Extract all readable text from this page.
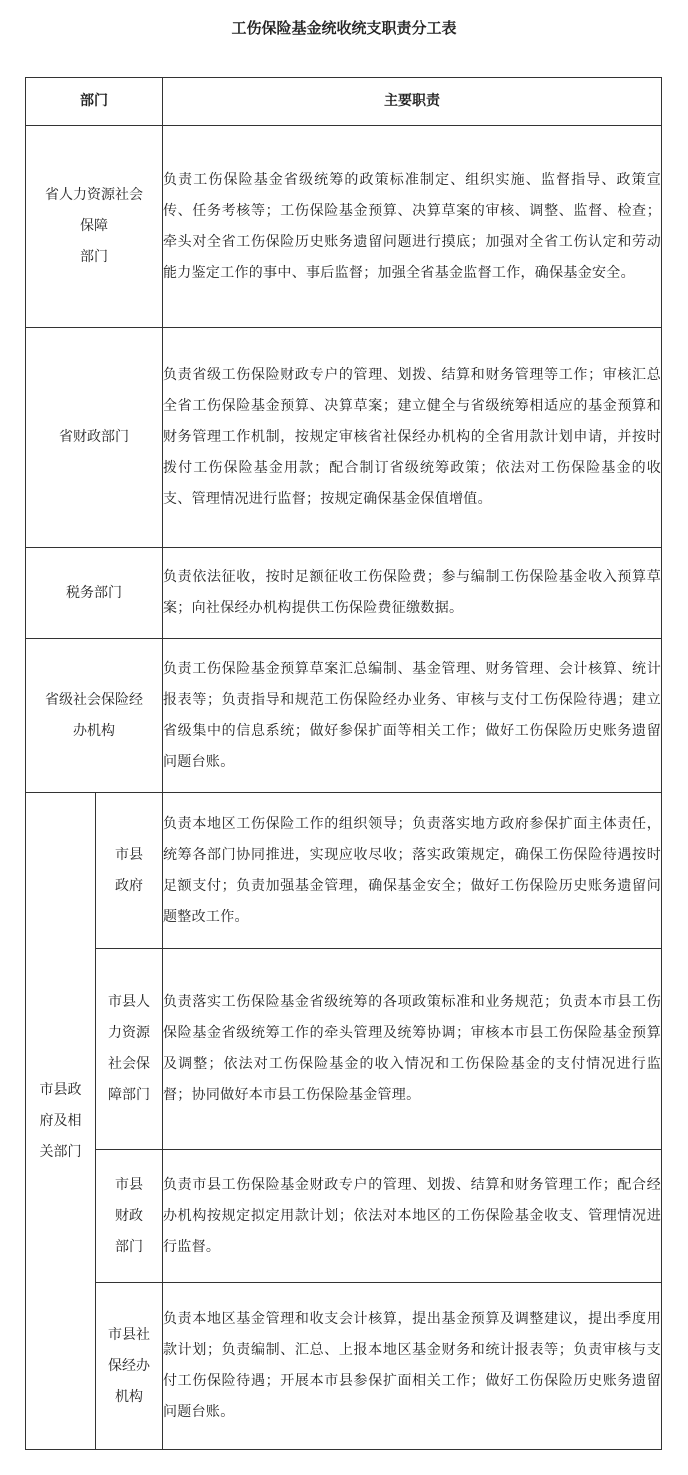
工伤保险基金统收统支职责分工表
部门		主要职责

省人力资源社会
保障
部门		负责工伤保险基金省级统筹的政策标准制定、组织实施、监督指导、政策宣传、任务考核等；工伤保险基金预算、决算草案的审核、调整、监督、检查；牵头对全省工伤保险历史账务遗留问题进行摸底；加强对全省工伤认定和劳动能力鉴定工作的事中、事后监督；加强全省基金监督工作，确保基金安全。

省财政部门		负责省级工伤保险财政专户的管理、划拨、结算和财务管理等工作；审核汇总全省工伤保险基金预算、决算草案；建立健全与省级统筹相适应的基金预算和财务管理工作机制，按规定审核省社保经办机构的全省用款计划申请，并按时拨付工伤保险基金用款；配合制订省级统筹政策；依法对工伤保险基金的收支、管理情况进行监督；按规定确保基金保值增值。

税务部门		负责依法征收，按时足额征收工伤保险费；参与编制工伤保险基金收入预算草案；向社保经办机构提供工伤保险费征缴数据。

省级社会保险经
办机构		负责工伤保险基金预算草案汇总编制、基金管理、财务管理、会计核算、统计报表等；负责指导和规范工伤保险经办业务、审核与支付工伤保险待遇；建立省级集中的信息系统；做好参保扩面等相关工作；做好工伤保险历史账务遗留问题台账。

市县政
府及相
关部门	市县
政府	负责本地区工伤保险工作的组织领导；负责落实地方政府参保扩面主体责任，统筹各部门协同推进，实现应收尽收；落实政策规定，确保工伤保险待遇按时足额支付；负责加强基金管理，确保基金安全；做好工伤保险历史账务遗留问题整改工作。

	市县人
力资源
社会保
障部门	负责落实工伤保险基金省级统筹的各项政策标准和业务规范；负责本市县工伤保险基金省级统筹工作的牵头管理及统筹协调；审核本市县工伤保险基金预算及调整；依法对工伤保险基金的收入情况和工伤保险基金的支付情况进行监督；协同做好本市县工伤保险基金管理。

	市县
财政
部门	负责市县工伤保险基金财政专户的管理、划拨、结算和财务管理工作；配合经办机构按规定拟定用款计划；依法对本地区的工伤保险基金收支、管理情况进行监督。

	市县社
保经办
机构	负责本地区基金管理和收支会计核算，提出基金预算及调整建议，提出季度用款计划；负责编制、汇总、上报本地区基金财务和统计报表等；负责审核与支付工伤保险待遇；开展本市县参保扩面相关工作；做好工伤保险历史账务遗留问题台账。
